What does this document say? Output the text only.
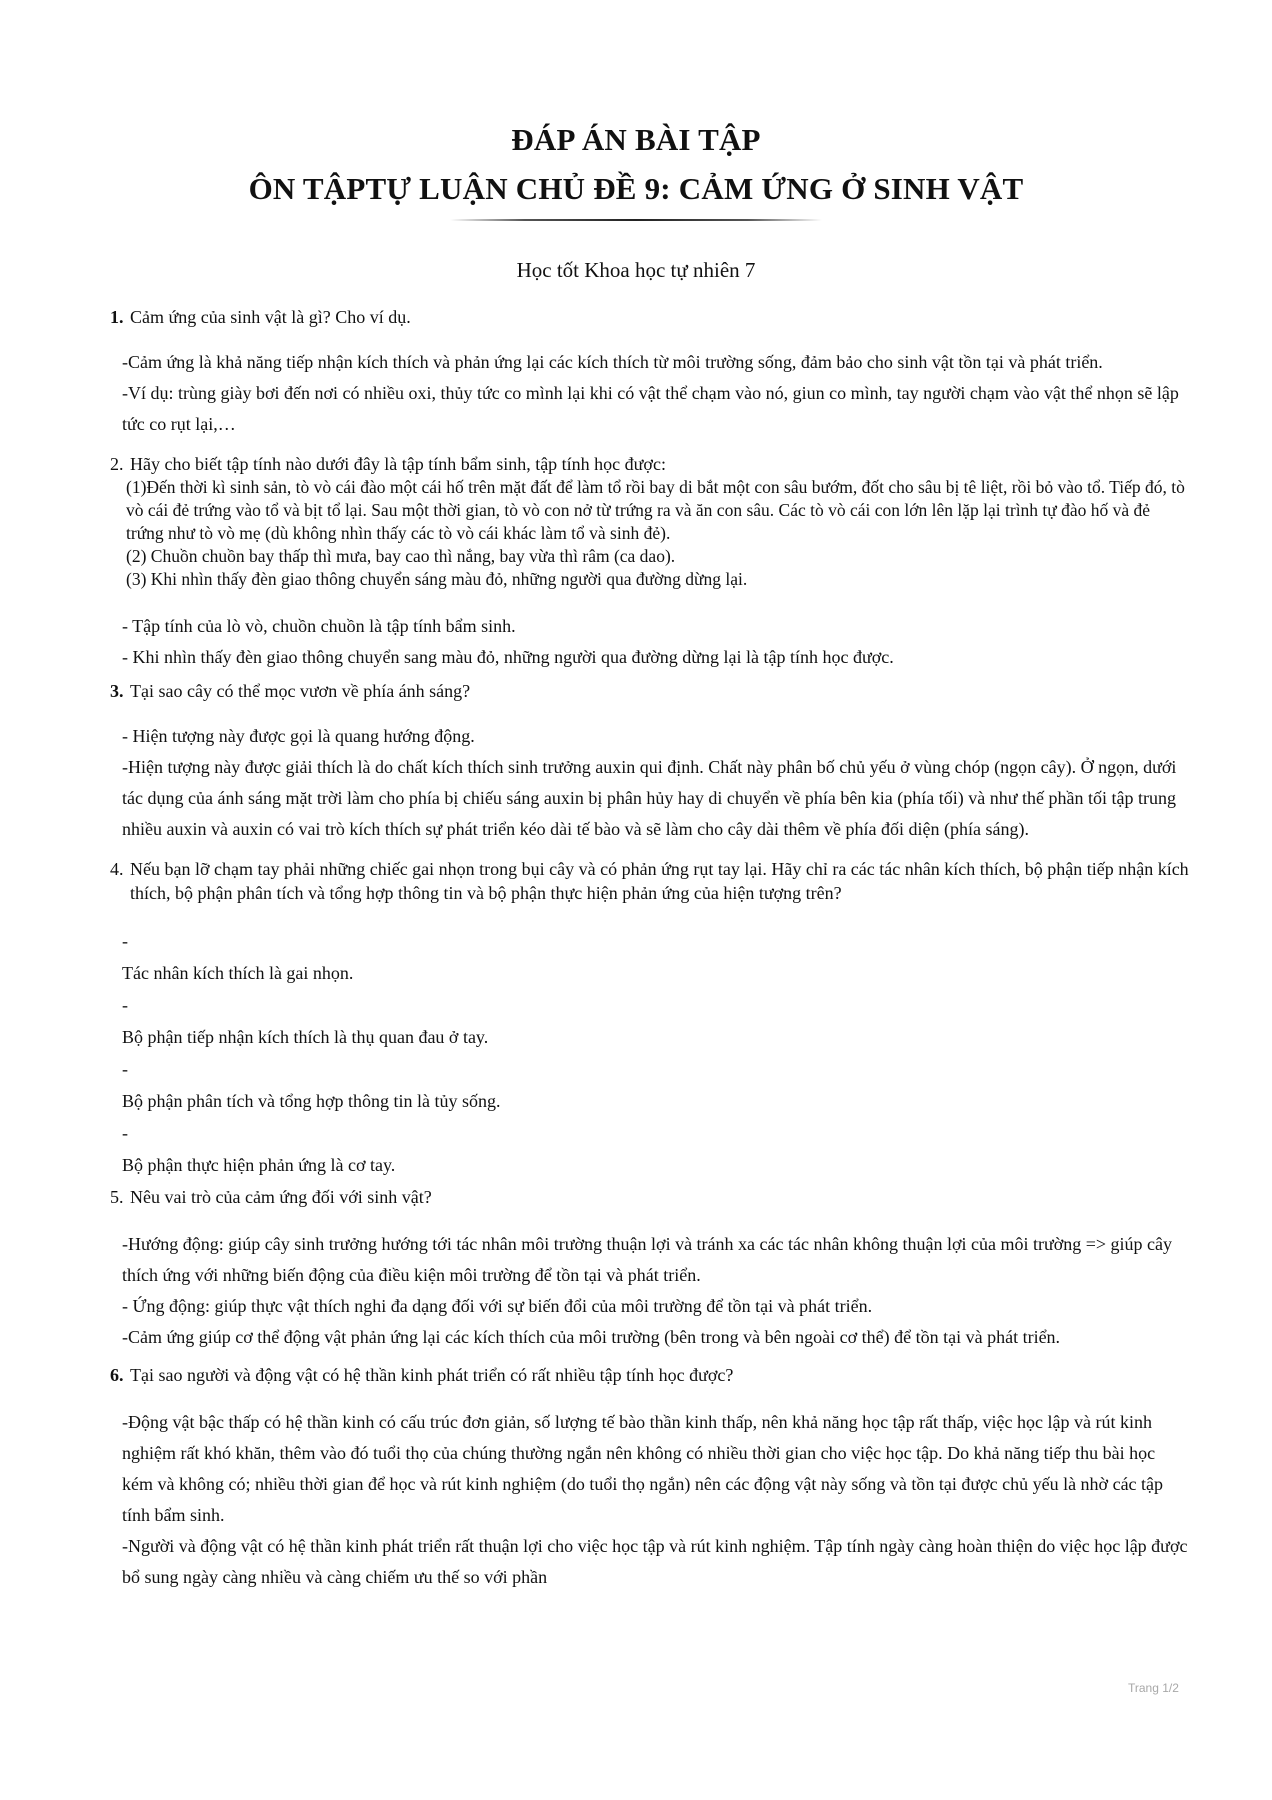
ĐÁP ÁN BÀI TẬP
ÔN TẬPTỰ LUẬN CHỦ ĐỀ 9: CẢM ỨNG Ở SINH VẬT
Học tốt Khoa học tự nhiên 7
1. Cảm ứng của sinh vật là gì? Cho ví dụ.

-Cảm ứng là khả năng tiếp nhận kích thích và phản ứng lại các kích thích từ môi trường sống, đảm bảo cho sinh vật tồn tại và phát triển.

-Ví dụ: trùng giày bơi đến nơi có nhiều oxi, thủy tức co mình lại khi có vật thể chạm vào nó, giun co mình, tay người chạm vào vật thể nhọn sẽ lập tức co rụt lại,…

2. Hãy cho biết tập tính nào dưới đây là tập tính bẩm sinh, tập tính học được:

(1)Đến thời kì sinh sản, tò vò cái đào một cái hố trên mặt đất để làm tổ rồi bay di bắt một con sâu bướm, đốt cho sâu bị tê liệt, rồi bỏ vào tổ. Tiếp đó, tò vò cái đẻ trứng vào tổ và bịt tổ lại. Sau một thời gian, tò vò con nở từ trứng ra và ăn con sâu. Các tò vò cái con lớn lên lặp lại trình tự đào hố và đẻ trứng như tò vò mẹ (dù không nhìn thấy các tò vò cái khác làm tổ và sinh đẻ).

(2) Chuồn chuồn bay thấp thì mưa, bay cao thì nắng, bay vừa thì râm (ca dao).

(3) Khi nhìn thấy đèn giao thông chuyển sáng màu đỏ, những người qua đường dừng lại.

- Tập tính của lò vò, chuồn chuồn là tập tính bẩm sinh.

- Khi nhìn thấy đèn giao thông chuyển sang màu đỏ, những người qua đường dừng lại là tập tính học được.

3. Tại sao cây có thể mọc vươn về phía ánh sáng?

- Hiện tượng này được gọi là quang hướng động.

-Hiện tượng này được giải thích là do chất kích thích sinh trưởng auxin qui định. Chất này phân bố chủ yếu ở vùng chóp (ngọn cây). Ở ngọn, dưới tác dụng của ánh sáng mặt trời làm cho phía bị chiếu sáng auxin bị phân hủy hay di chuyển về phía bên kia (phía tối) và như thế phần tối tập trung nhiều auxin và auxin có vai trò kích thích sự phát triển kéo dài tế bào và sẽ làm cho cây dài thêm về phía đối diện (phía sáng).

4. Nếu bạn lỡ chạm tay phải những chiếc gai nhọn trong bụi cây và có phản ứng rụt tay lại. Hãy chỉ ra các tác nhân kích thích, bộ phận tiếp nhận kích thích, bộ phận phân tích và tổng hợp thông tin và bộ phận thực hiện phản ứng của hiện tượng trên?

-

Tác nhân kích thích là gai nhọn.

-

Bộ phận tiếp nhận kích thích là thụ quan đau ở tay.

-

Bộ phận phân tích và tổng hợp thông tin là tủy sống.

-

Bộ phận thực hiện phản ứng là cơ tay.

5. Nêu vai trò của cảm ứng đối với sinh vật?

-Hướng động: giúp cây sinh trưởng hướng tới tác nhân môi trường thuận lợi và tránh xa các tác nhân không thuận lợi của môi trường => giúp cây thích ứng với những biến động của điều kiện môi trường để tồn tại và phát triển.

- Ứng động: giúp thực vật thích nghi đa dạng đối với sự biến đổi của môi trường để tồn tại và phát triển.

-Cảm ứng giúp cơ thể động vật phản ứng lại các kích thích của môi trường (bên trong và bên ngoài cơ thể) để tồn tại và phát triển.

6. Tại sao người và động vật có hệ thần kinh phát triển có rất nhiều tập tính học được?

-Động vật bậc thấp có hệ thần kinh có cấu trúc đơn giản, số lượng tế bào thần kinh thấp, nên khả năng học tập rất thấp, việc học lập và rút kinh nghiệm rất khó khăn, thêm vào đó tuổi thọ của chúng thường ngắn nên không có nhiều thời gian cho việc học tập. Do khả năng tiếp thu bài học kém và không có; nhiều thời gian để học và rút kinh nghiệm (do tuổi thọ ngắn) nên các động vật này sống và tồn tại được chủ yếu là nhờ các tập tính bẩm sinh.

-Người và động vật có hệ thần kinh phát triển rất thuận lợi cho việc học tập và rút kinh nghiệm. Tập tính ngày càng hoàn thiện do việc học lập được bổ sung ngày càng nhiều và càng chiếm ưu thế so với phần

Trang 1/2
